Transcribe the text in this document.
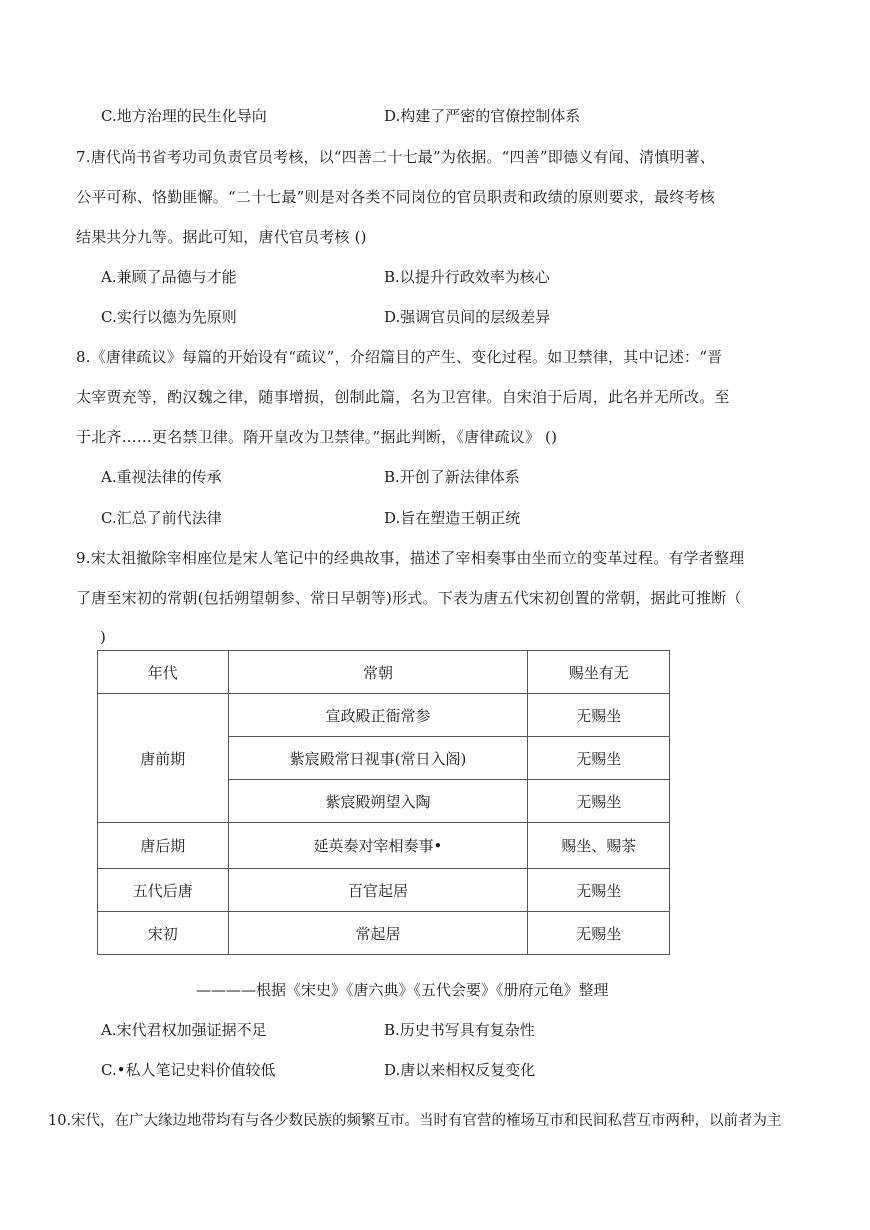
C.地方治理的民生化导向	D.构建了严密的官僚控制体系
7.唐代尚书省考功司负责官员考核，以“四善二十七最”为依据。“四善”即德义有闻、清慎明著、
公平可称、恪勤匪懈。“二十七最”则是对各类不同岗位的官员职责和政绩的原则要求，最终考核
结果共分九等。据此可知，唐代官员考核 ()
A.兼顾了品德与才能	B.以提升行政效率为核心
C.实行以德为先原则	D.强调官员间的层级差异
8.《唐律疏议》每篇的开始设有“疏议”，介绍篇目的产生、变化过程。如卫禁律，其中记述：“晋
太宰贾充等，酌汉魏之律，随事增损，创制此篇，名为卫宫律。自宋洎于后周，此名并无所改。至
于北齐……更名禁卫律。隋开皇改为卫禁律。”据此判断，《唐律疏议》 ()
A.重视法律的传承	B.开创了新法律体系
C.汇总了前代法律	D.旨在塑造王朝正统
9.宋太祖撤除宰相座位是宋人笔记中的经典故事，描述了宰相奏事由坐而立的变革过程。有学者整理
了唐至宋初的常朝(包括朔望朝参、常日早朝等)形式。下表为唐五代宋初创置的常朝，据此可推断（
)
年代	常朝	赐坐有无
唐前期	宣政殿正衙常参	无赐坐
	紫宸殿常日视事(常日入阁)	无赐坐
	紫宸殿朔望入陶	无赐坐
唐后期	延英奏对宰相奏事•	赐坐、赐茶
五代后唐	百官起居	无赐坐
宋初	常起居	无赐坐
————根据《宋史》《唐六典》《五代会要》《册府元龟》整理
A.宋代君权加强证据不足	B.历史书写具有复杂性
C.•私人笔记史料价值较低	D.唐以来相权反复变化
10.宋代，在广大缘边地带均有与各少数民族的频繁互市。当时有官营的榷场互市和民间私营互市两种，以前者为主
